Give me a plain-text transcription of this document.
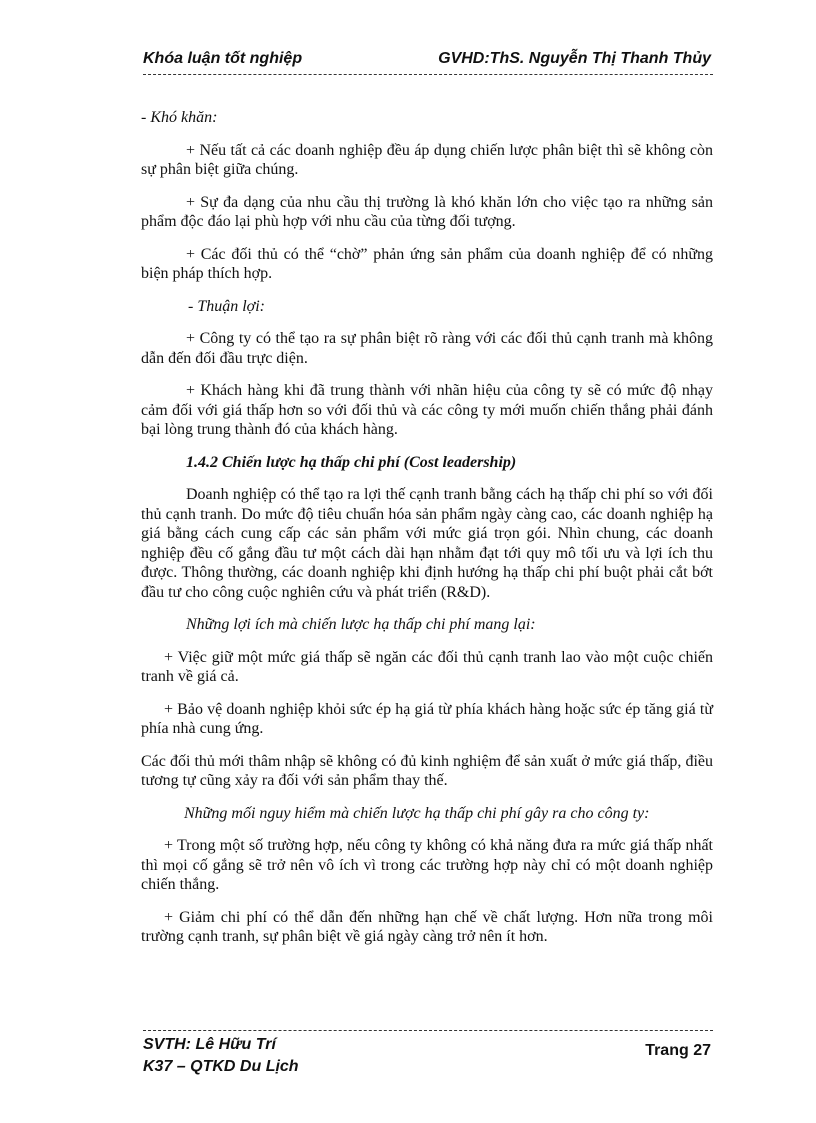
Khóa luận tốt nghiệp	GVHD:ThS. Nguyễn Thị Thanh Thủy

- Khó khăn:

+ Nếu tất cả các doanh nghiệp đều áp dụng chiến lược phân biệt thì sẽ không còn sự phân biệt giữa chúng.

+ Sự đa dạng của nhu cầu thị trường là khó khăn lớn cho việc tạo ra những sản phẩm độc đáo lại phù hợp với nhu cầu của từng đối tượng.

+ Các đối thủ có thể “chờ” phản ứng sản phẩm của doanh nghiệp để có những biện pháp thích hợp.

- Thuận lợi:

+ Công ty có thể tạo ra sự phân biệt rõ ràng với các đối thủ cạnh tranh mà không dẫn đến đối đầu trực diện.

+ Khách hàng khi đã trung thành với nhãn hiệu của công ty sẽ có mức độ nhạy cảm đối với giá thấp hơn so với đối thủ và các công ty mới muốn chiến thắng phải đánh bại lòng trung thành đó của khách hàng.

1.4.2 Chiến lược hạ thấp chi phí (Cost leadership)

Doanh nghiệp có thể tạo ra lợi thế cạnh tranh bằng cách hạ thấp chi phí so với đối thủ cạnh tranh. Do mức độ tiêu chuẩn hóa sản phẩm ngày càng cao, các doanh nghiệp hạ giá bằng cách cung cấp các sản phẩm với mức giá trọn gói. Nhìn chung, các doanh nghiệp đều cố gắng đầu tư một cách dài hạn nhằm đạt tới quy mô tối ưu và lợi ích thu được. Thông thường, các doanh nghiệp khi định hướng hạ thấp chi phí buột phải cắt bớt đầu tư cho công cuộc nghiên cứu và phát triển (R&D).

Những lợi ích mà chiến lược hạ thấp chi phí mang lại:

+ Việc giữ một mức giá thấp sẽ ngăn các đối thủ cạnh tranh lao vào một cuộc chiến tranh về giá cả.

+ Bảo vệ doanh nghiệp khỏi sức ép hạ giá từ phía khách hàng hoặc sức ép tăng giá từ phía nhà cung ứng.

Các đối thủ mới thâm nhập sẽ không có đủ kinh nghiệm để sản xuất ở mức giá thấp, điều tương tự cũng xảy ra đối với sản phẩm thay thế.

Những mối nguy hiểm mà chiến lược hạ thấp chi phí gây ra cho công ty:

+ Trong một số trường hợp, nếu công ty không có khả năng đưa ra mức giá thấp nhất thì mọi cố gắng sẽ trở nên vô ích vì trong các trường hợp này chỉ có một doanh nghiệp chiến thắng.

+ Giảm chi phí có thể dẫn đến những hạn chế về chất lượng. Hơn nữa trong môi trường cạnh tranh, sự phân biệt về giá ngày càng trở nên ít hơn.

SVTH: Lê Hữu Trí
K37 – QTKD Du Lịch
Trang 27
